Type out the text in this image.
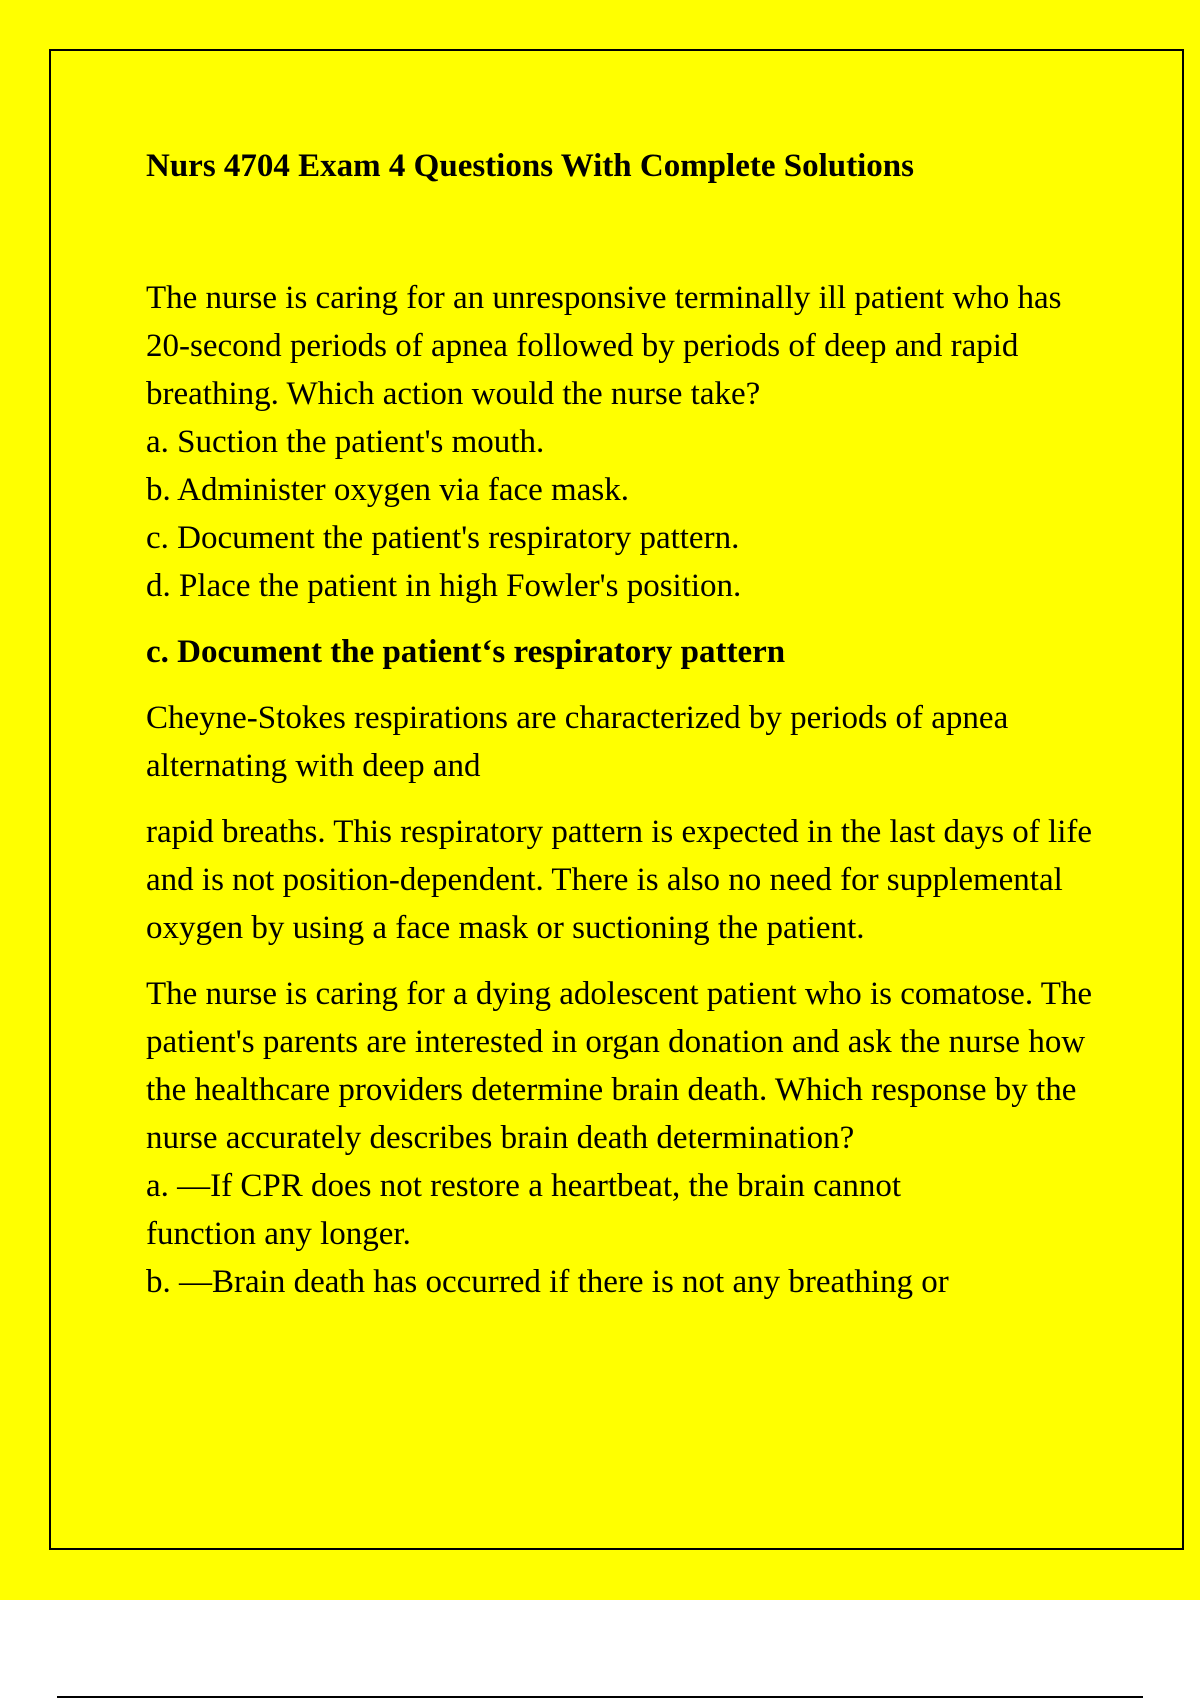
Nurs 4704 Exam 4 Questions With Complete Solutions

The nurse is caring for an unresponsive terminally ill patient who has 20-second periods of apnea followed by periods of deep and rapid breathing. Which action would the nurse take?

a. Suction the patient's mouth.

b. Administer oxygen via face mask.

c. Document the patient's respiratory pattern.

d. Place the patient in high Fowler's position.

c. Document the patient‘s respiratory pattern

Cheyne-Stokes respirations are characterized by periods of apnea alternating with deep and

rapid breaths. This respiratory pattern is expected in the last days of life and is not position-dependent. There is also no need for supplemental oxygen by using a face mask or suctioning the patient.

The nurse is caring for a dying adolescent patient who is comatose. The patient's parents are interested in organ donation and ask the nurse how the healthcare providers determine brain death. Which response by the nurse accurately describes brain death determination?

a. —If CPR does not restore a heartbeat, the brain cannot function any longer.

b. —Brain death has occurred if there is not any breathing or
